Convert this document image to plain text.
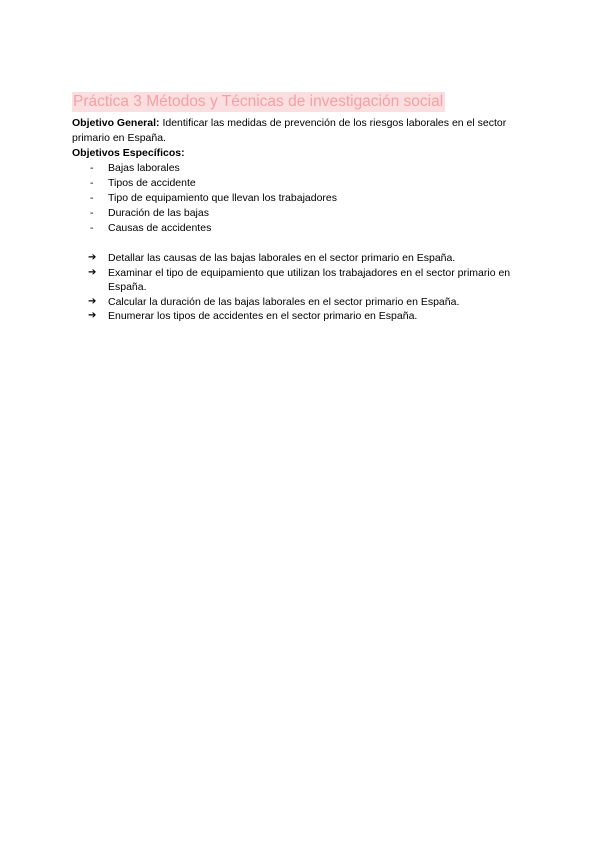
Práctica 3 Métodos y Técnicas de investigación social

Objetivo General: Identificar las medidas de prevención de los riesgos laborales en el sector primario en España.

Objetivos Específicos:

- Bajas laborales
- Tipos de accidente
- Tipo de equipamiento que llevan los trabajadores
- Duración de las bajas
- Causas de accidentes
➔ Detallar las causas de las bajas laborales en el sector primario en España.
➔ Examinar el tipo de equipamiento que utilizan los trabajadores en el sector primario en España.
➔ Calcular la duración de las bajas laborales en el sector primario en España.
➔ Enumerar los tipos de accidentes en el sector primario en España.
